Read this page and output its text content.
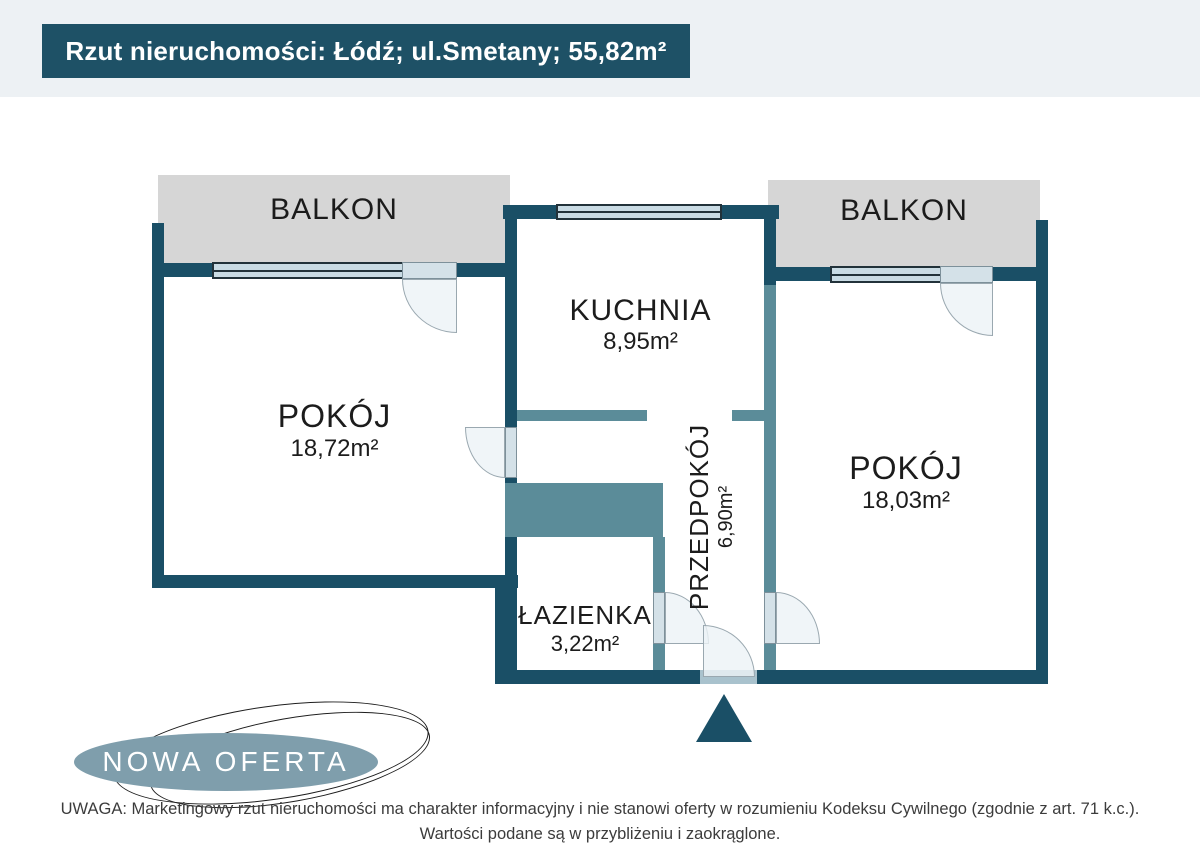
Rzut nieruchomości: Łódź; ul.Smetany; 55,82m²
BALKON	BALKON
POKÓJ
18,72m²
KUCHNIA
8,95m²
POKÓJ
18,03m²
ŁAZIENKA
3,22m²
PRZEDPOKÓJ 6,90m²
NOWA OFERTA
UWAGA: Marketingowy rzut nieruchomości ma charakter informacyjny i nie stanowi oferty w rozumieniu Kodeksu Cywilnego (zgodnie z art. 71 k.c.).
Wartości podane są w przybliżeniu i zaokrąglone.
